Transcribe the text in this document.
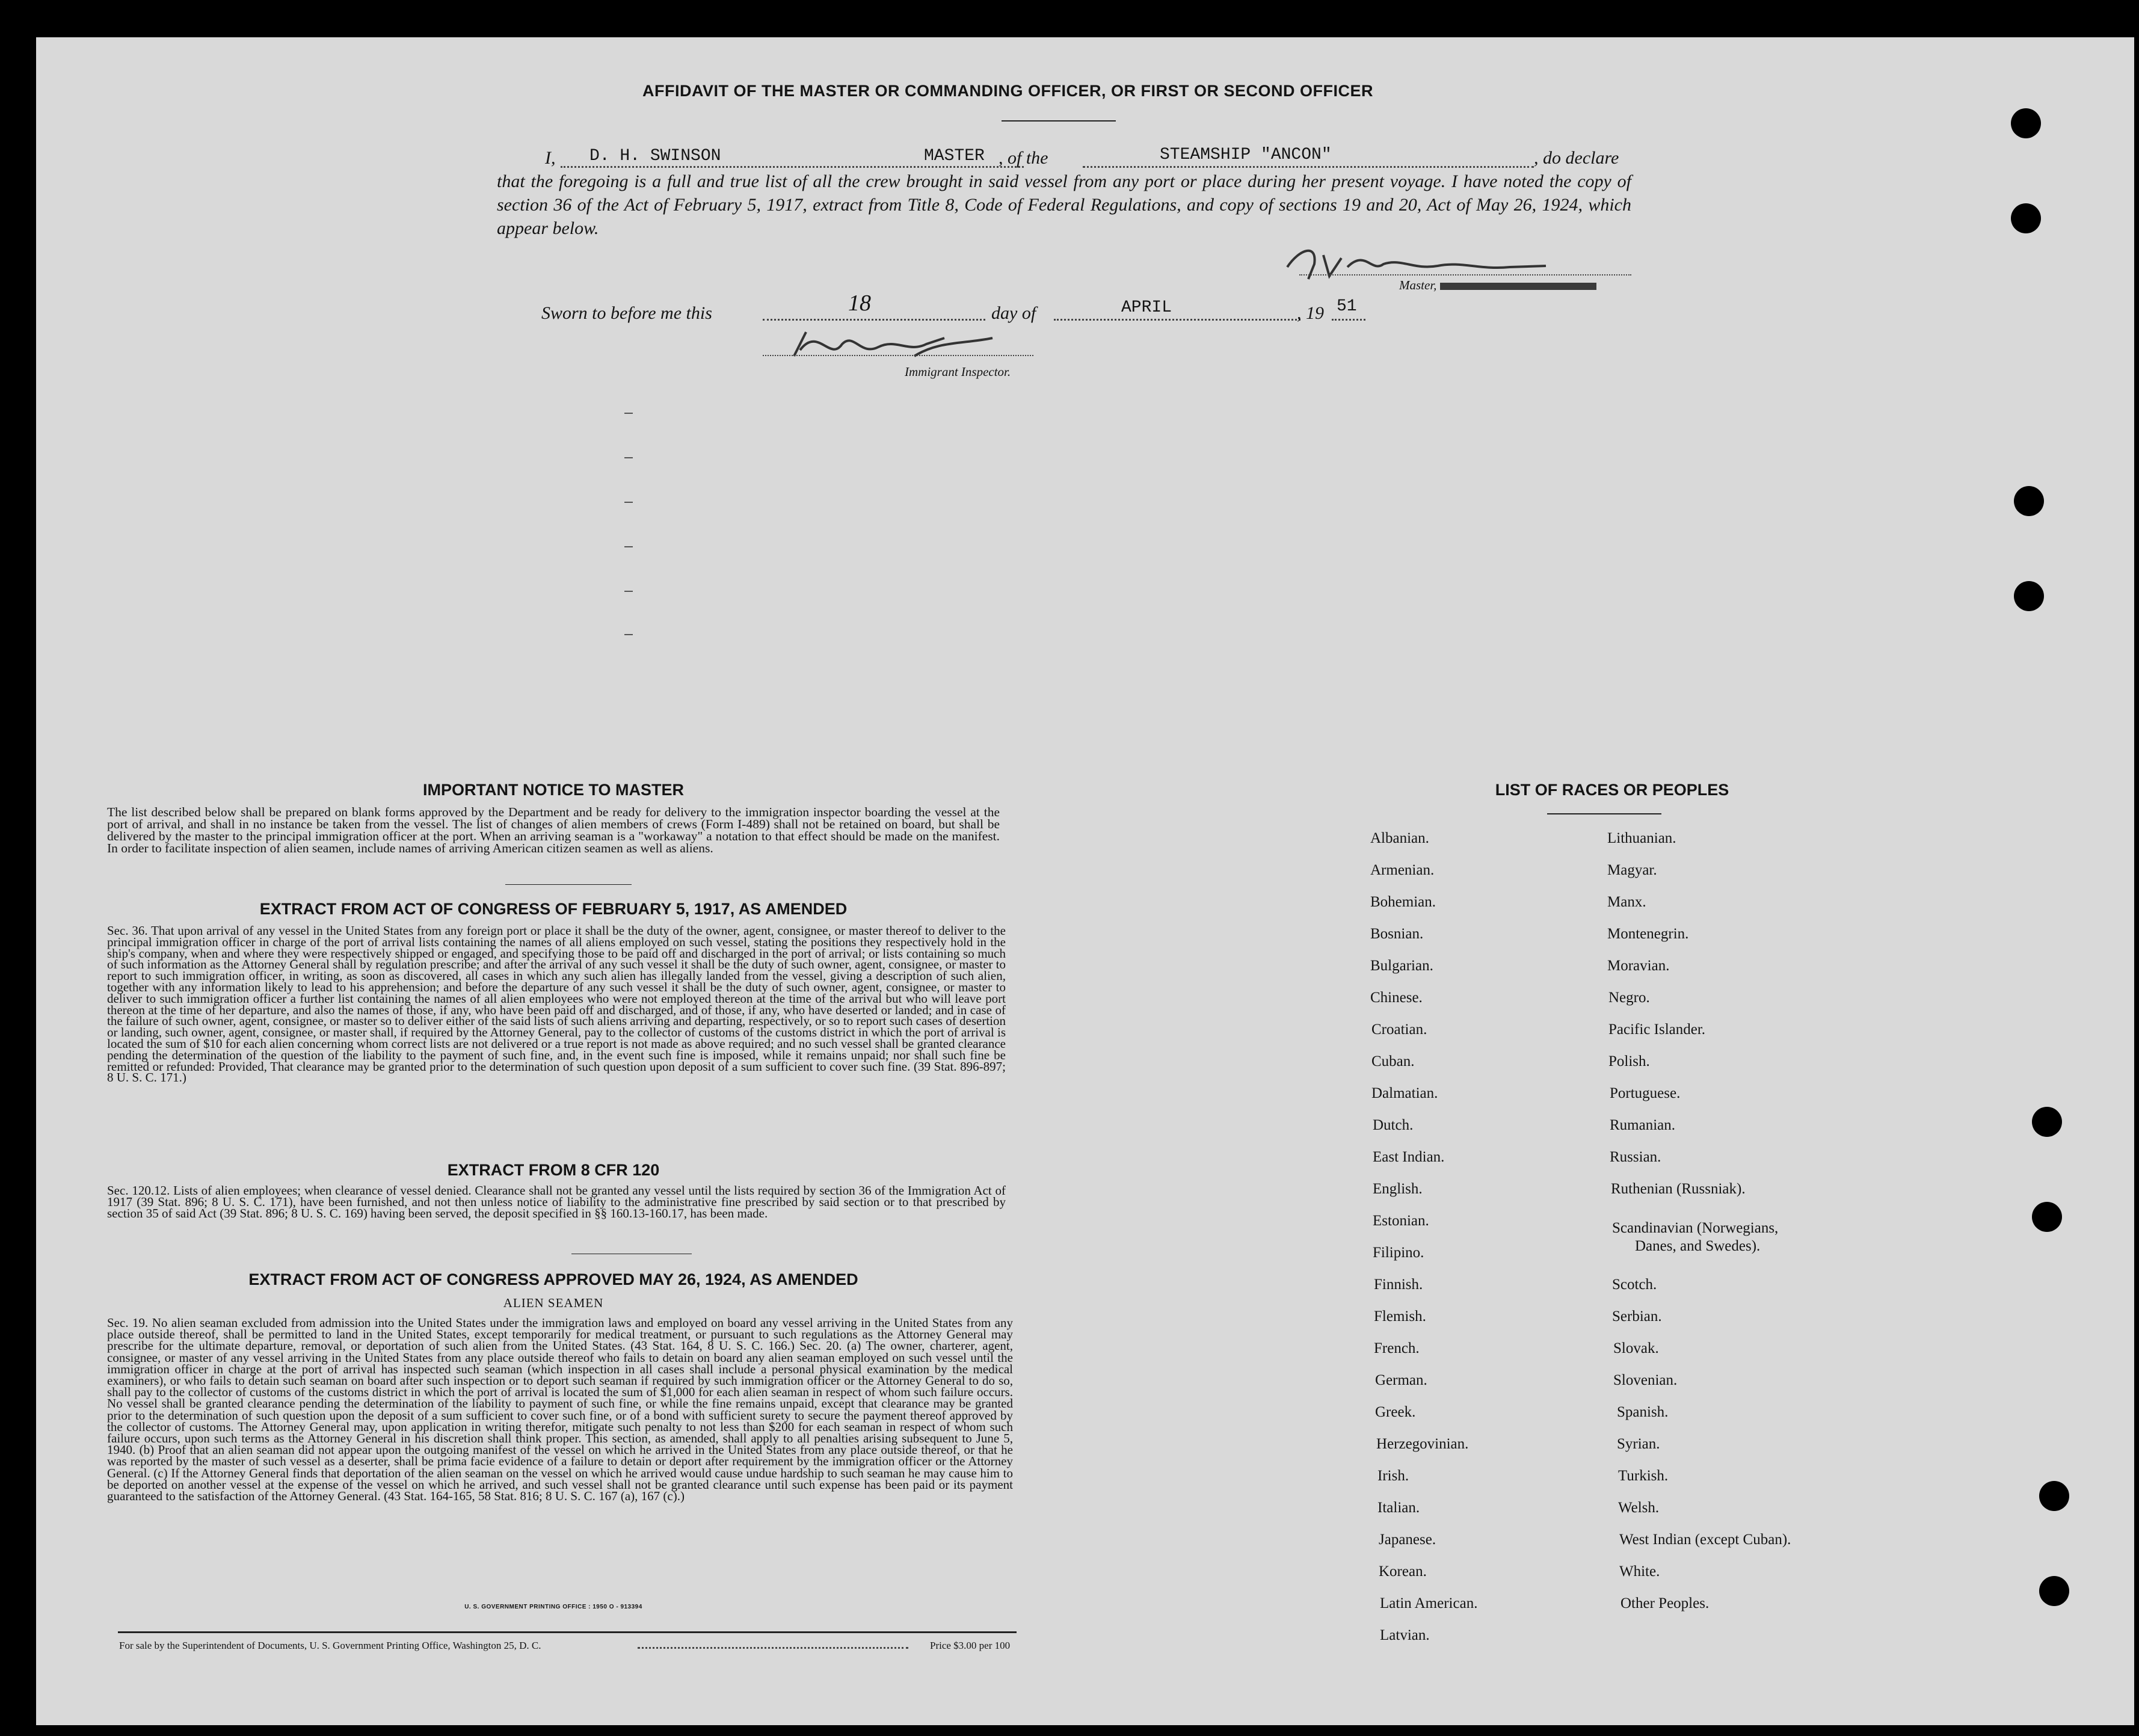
AFFIDAVIT OF THE MASTER OR COMMANDING OFFICER, OR FIRST OR SECOND OFFICER
I, D. H. SWINSON	MASTER , of the	STEAMSHIP "ANCON"	, do declare
that the foregoing is a full and true list of all the crew brought in said vessel from any port or place during her present voyage. I have noted the copy of section 36 of the Act of February 5, 1917, extract from Title 8, Code of Federal Regulations, and copy of sections 19 and 20, Act of May 26, 1924, which appear below.
Master,
Sworn to before me this	18	day of	APRIL	, 19 51
Immigrant Inspector.
IMPORTANT NOTICE TO MASTER
The list described below shall be prepared on blank forms approved by the Department and be ready for delivery to the immigration inspector boarding the vessel at the port of arrival, and shall in no instance be taken from the vessel. The list of changes of alien members of crews (Form I-489) shall not be retained on board, but shall be delivered by the master to the principal immigration officer at the port. When an arriving seaman is a "workaway" a notation to that effect should be made on the manifest. In order to facilitate inspection of alien seamen, include names of arriving American citizen seamen as well as aliens.
EXTRACT FROM ACT OF CONGRESS OF FEBRUARY 5, 1917, AS AMENDED
Sec. 36. That upon arrival of any vessel in the United States from any foreign port or place it shall be the duty of the owner, agent, consignee, or master thereof to deliver to the principal immigration officer in charge of the port of arrival lists containing the names of all aliens employed on such vessel, stating the positions they respectively hold in the ship's company, when and where they were respectively shipped or engaged, and specifying those to be paid off and discharged in the port of arrival; or lists containing so much of such information as the Attorney General shall by regulation prescribe; and after the arrival of any such vessel it shall be the duty of such owner, agent, consignee, or master to report to such immigration officer, in writing, as soon as discovered, all cases in which any such alien has illegally landed from the vessel, giving a description of such alien, together with any information likely to lead to his apprehension; and before the departure of any such vessel it shall be the duty of such owner, agent, consignee, or master to deliver to such immigration officer a further list containing the names of all alien employees who were not employed thereon at the time of the arrival but who will leave port thereon at the time of her departure, and also the names of those, if any, who have been paid off and discharged, and of those, if any, who have deserted or landed; and in case of the failure of such owner, agent, consignee, or master so to deliver either of the said lists of such aliens arriving and departing, respectively, or so to report such cases of desertion or landing, such owner, agent, consignee, or master shall, if required by the Attorney General, pay to the collector of customs of the customs district in which the port of arrival is located the sum of $10 for each alien concerning whom correct lists are not delivered or a true report is not made as above required; and no such vessel shall be granted clearance pending the determination of the question of the liability to the payment of such fine, and, in the event such fine is imposed, while it remains unpaid; nor shall such fine be remitted or refunded: Provided, That clearance may be granted prior to the determination of such question upon deposit of a sum sufficient to cover such fine. (39 Stat. 896-897; 8 U. S. C. 171.)
EXTRACT FROM 8 CFR 120
Sec. 120.12. Lists of alien employees; when clearance of vessel denied. Clearance shall not be granted any vessel until the lists required by section 36 of the Immigration Act of 1917 (39 Stat. 896; 8 U. S. C. 171), have been furnished, and not then unless notice of liability to the administrative fine prescribed by said section or to that prescribed by section 35 of said Act (39 Stat. 896; 8 U. S. C. 169) having been served, the deposit specified in §§ 160.13-160.17, has been made.
EXTRACT FROM ACT OF CONGRESS APPROVED MAY 26, 1924, AS AMENDED
ALIEN SEAMEN
Sec. 19. No alien seaman excluded from admission into the United States under the immigration laws and employed on board any vessel arriving in the United States from any place outside thereof, shall be permitted to land in the United States, except temporarily for medical treatment, or pursuant to such regulations as the Attorney General may prescribe for the ultimate departure, removal, or deportation of such alien from the United States. (43 Stat. 164, 8 U. S. C. 166.) Sec. 20. (a) The owner, charterer, agent, consignee, or master of any vessel arriving in the United States from any place outside thereof who fails to detain on board any alien seaman employed on such vessel until the immigration officer in charge at the port of arrival has inspected such seaman (which inspection in all cases shall include a personal physical examination by the medical examiners), or who fails to detain such seaman on board after such inspection or to deport such seaman if required by such immigration officer or the Attorney General to do so, shall pay to the collector of customs of the customs district in which the port of arrival is located the sum of $1,000 for each alien seaman in respect of whom such failure occurs. No vessel shall be granted clearance pending the determination of the liability to payment of such fine, or while the fine remains unpaid, except that clearance may be granted prior to the determination of such question upon the deposit of a sum sufficient to cover such fine, or of a bond with sufficient surety to secure the payment thereof approved by the collector of customs. The Attorney General may, upon application in writing therefor, mitigate such penalty to not less than $200 for each seaman in respect of whom such failure occurs, upon such terms as the Attorney General in his discretion shall think proper. This section, as amended, shall apply to all penalties arising subsequent to June 5, 1940. (b) Proof that an alien seaman did not appear upon the outgoing manifest of the vessel on which he arrived in the United States from any place outside thereof, or that he was reported by the master of such vessel as a deserter, shall be prima facie evidence of a failure to detain or deport after requirement by the immigration officer or the Attorney General. (c) If the Attorney General finds that deportation of the alien seaman on the vessel on which he arrived would cause undue hardship to such seaman he may cause him to be deported on another vessel at the expense of the vessel on which he arrived, and such vessel shall not be granted clearance until such expense has been paid or its payment guaranteed to the satisfaction of the Attorney General. (43 Stat. 164-165, 58 Stat. 816; 8 U. S. C. 167 (a), 167 (c).)
U. S. GOVERNMENT PRINTING OFFICE : 1950 O - 913394
For sale by the Superintendent of Documents, U. S. Government Printing Office, Washington 25, D. C.	Price $3.00 per 100
LIST OF RACES OR PEOPLES
Albanian.
Armenian.
Bohemian.
Bosnian.
Bulgarian.
Chinese.
Croatian.
Cuban.
Dalmatian.
Dutch.
East Indian.
English.
Estonian.
Filipino.
Finnish.
Flemish.
French.
German.
Greek.
Herzegovinian.
Irish.
Italian.
Japanese.
Korean.
Latin American.
Latvian.
Lithuanian.
Magyar.
Manx.
Montenegrin.
Moravian.
Negro.
Pacific Islander.
Polish.
Portuguese.
Rumanian.
Russian.
Ruthenian (Russniak).
Scandinavian (Norwegians,
Danes, and Swedes).
Scotch.
Serbian.
Slovak.
Slovenian.
Spanish.
Syrian.
Turkish.
Welsh.
West Indian (except Cuban).
White.
Other Peoples.
